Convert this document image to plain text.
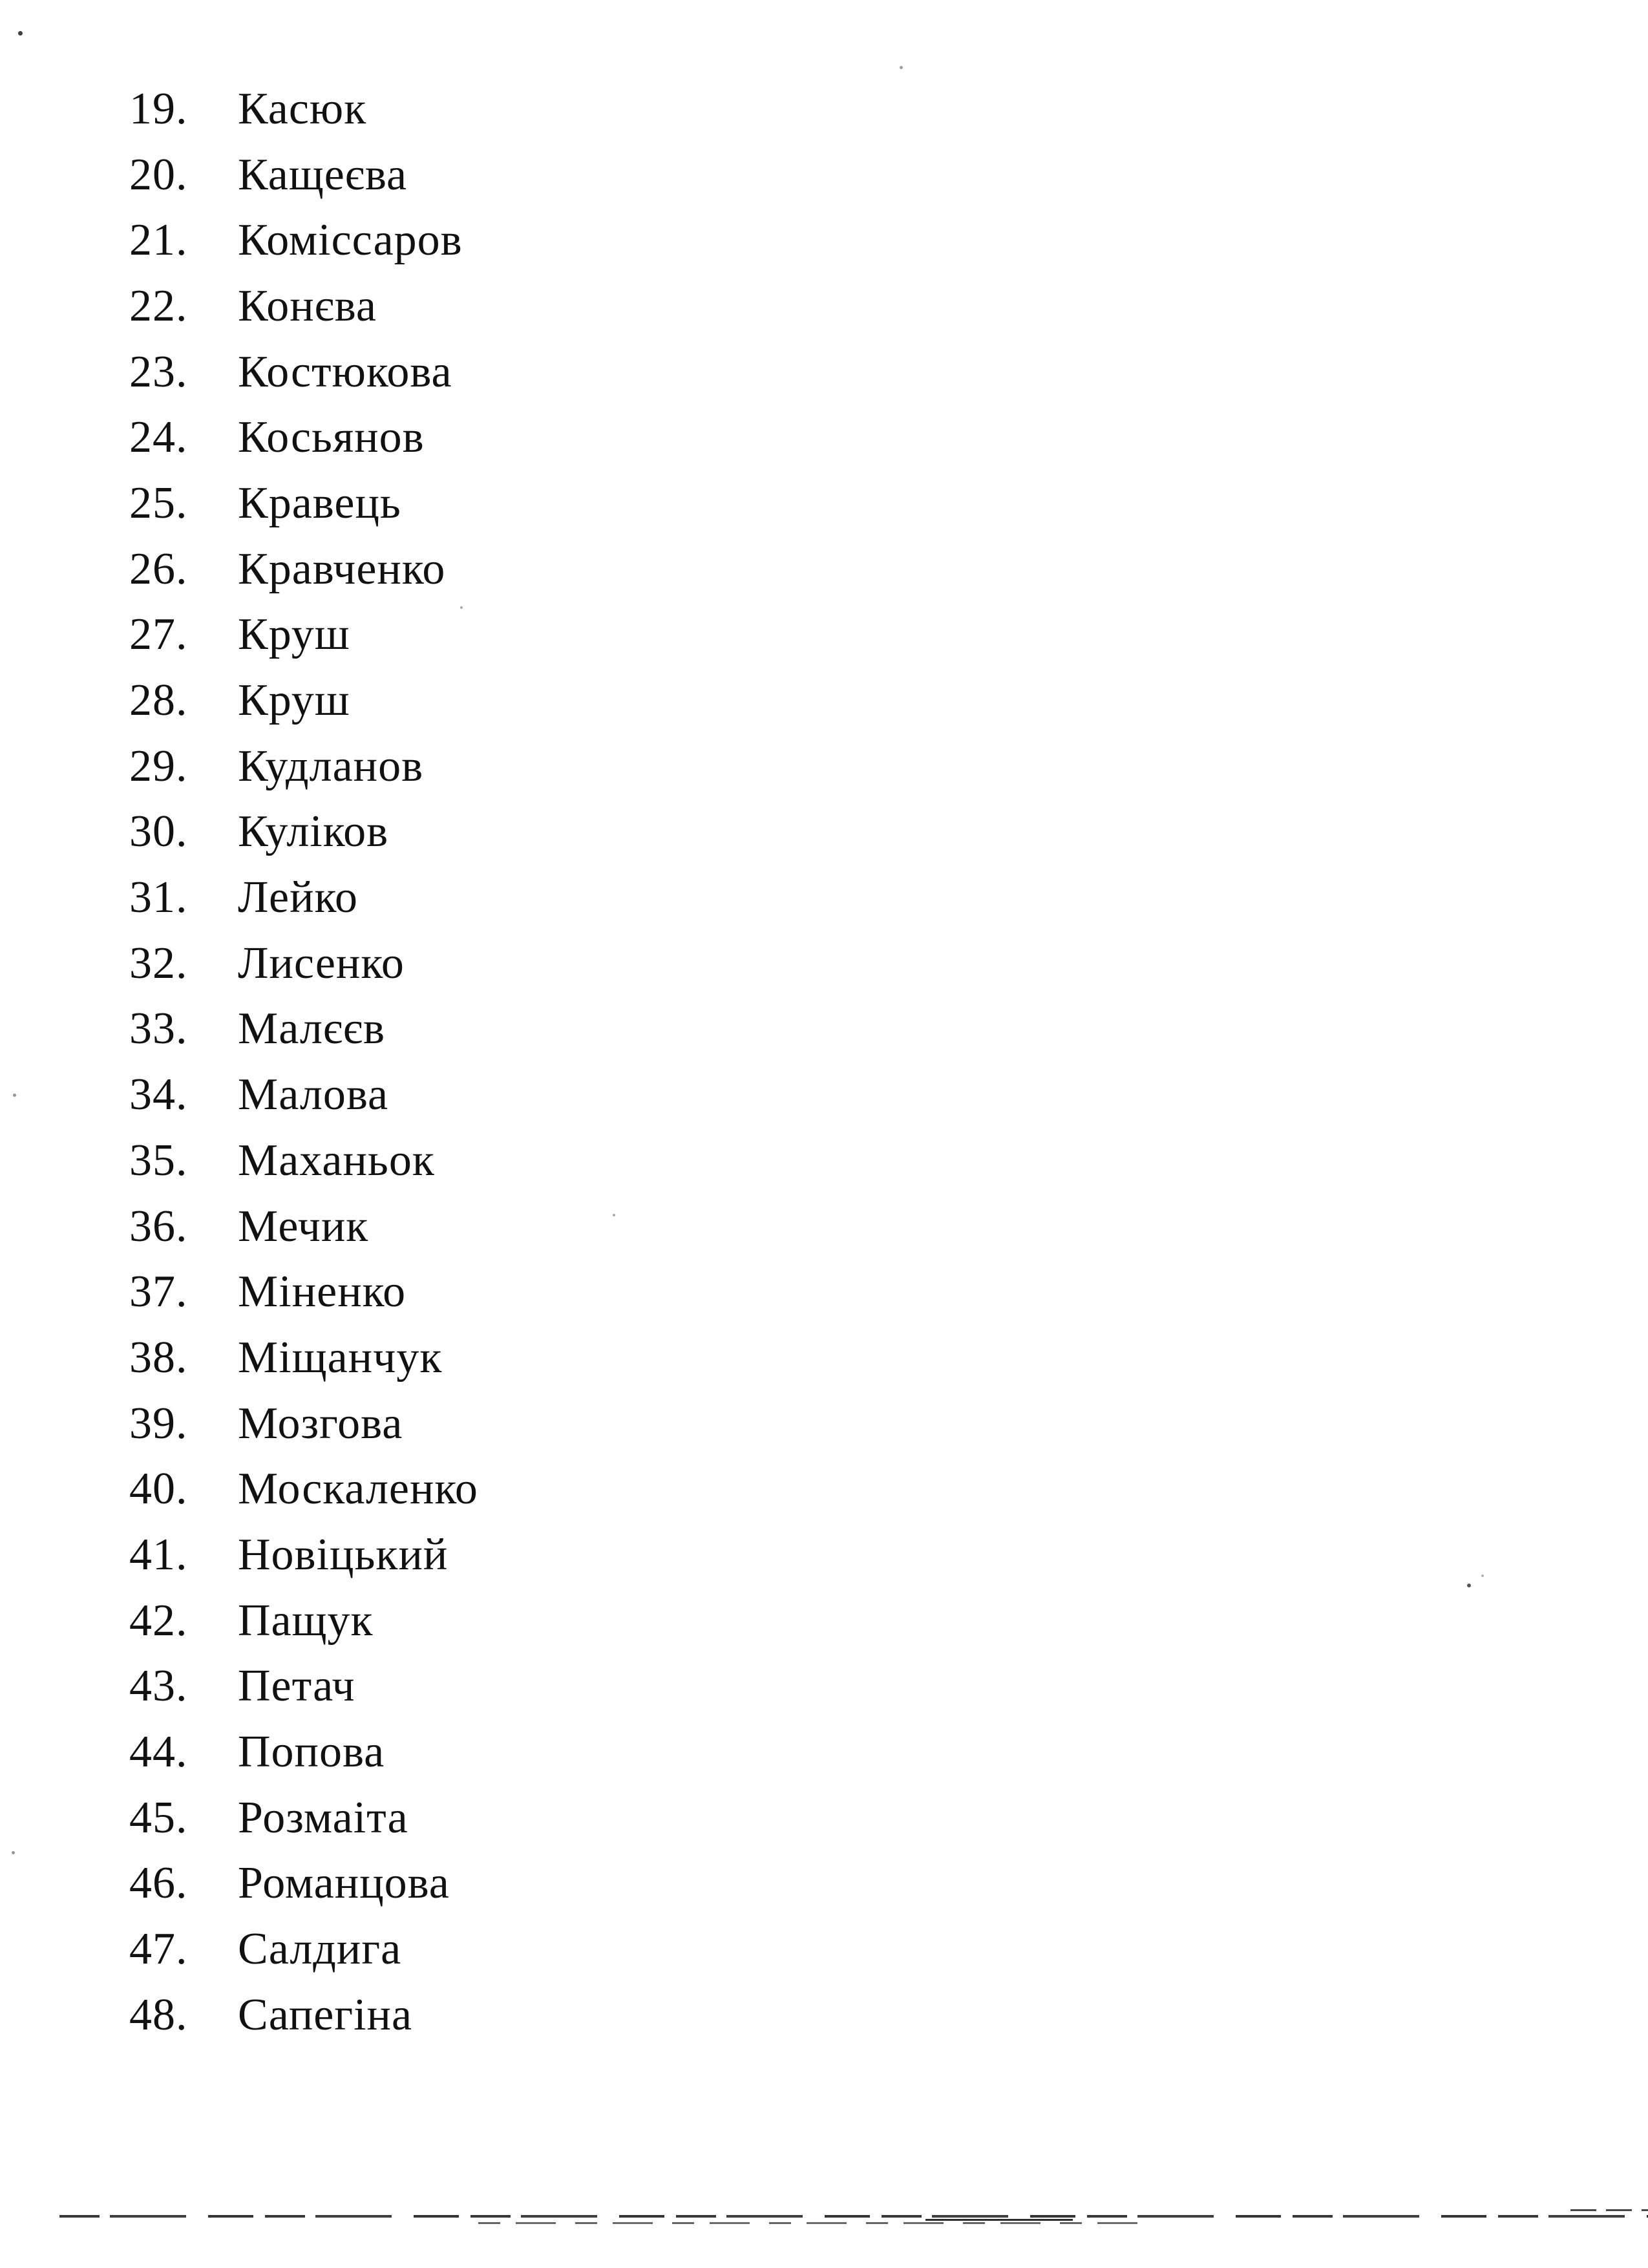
19.	Касюк
20.	Кащеєва
21.	Коміссаров
22.	Конєва
23.	Костюкова
24.	Косьянов
25.	Кравець
26.	Кравченко
27.	Круш
28.	Круш
29.	Кудланов
30.	Куліков
31.	Лейко
32.	Лисенко
33.	Малєєв
34.	Малова
35.	Маханьок
36.	Мечик
37.	Міненко
38.	Міщанчук
39.	Мозгова
40.	Москаленко
41.	Новіцький
42.	Пащук
43.	Петач
44.	Попова
45.	Розмаіта
46.	Романцова
47.	Салдига
48.	Сапегіна
